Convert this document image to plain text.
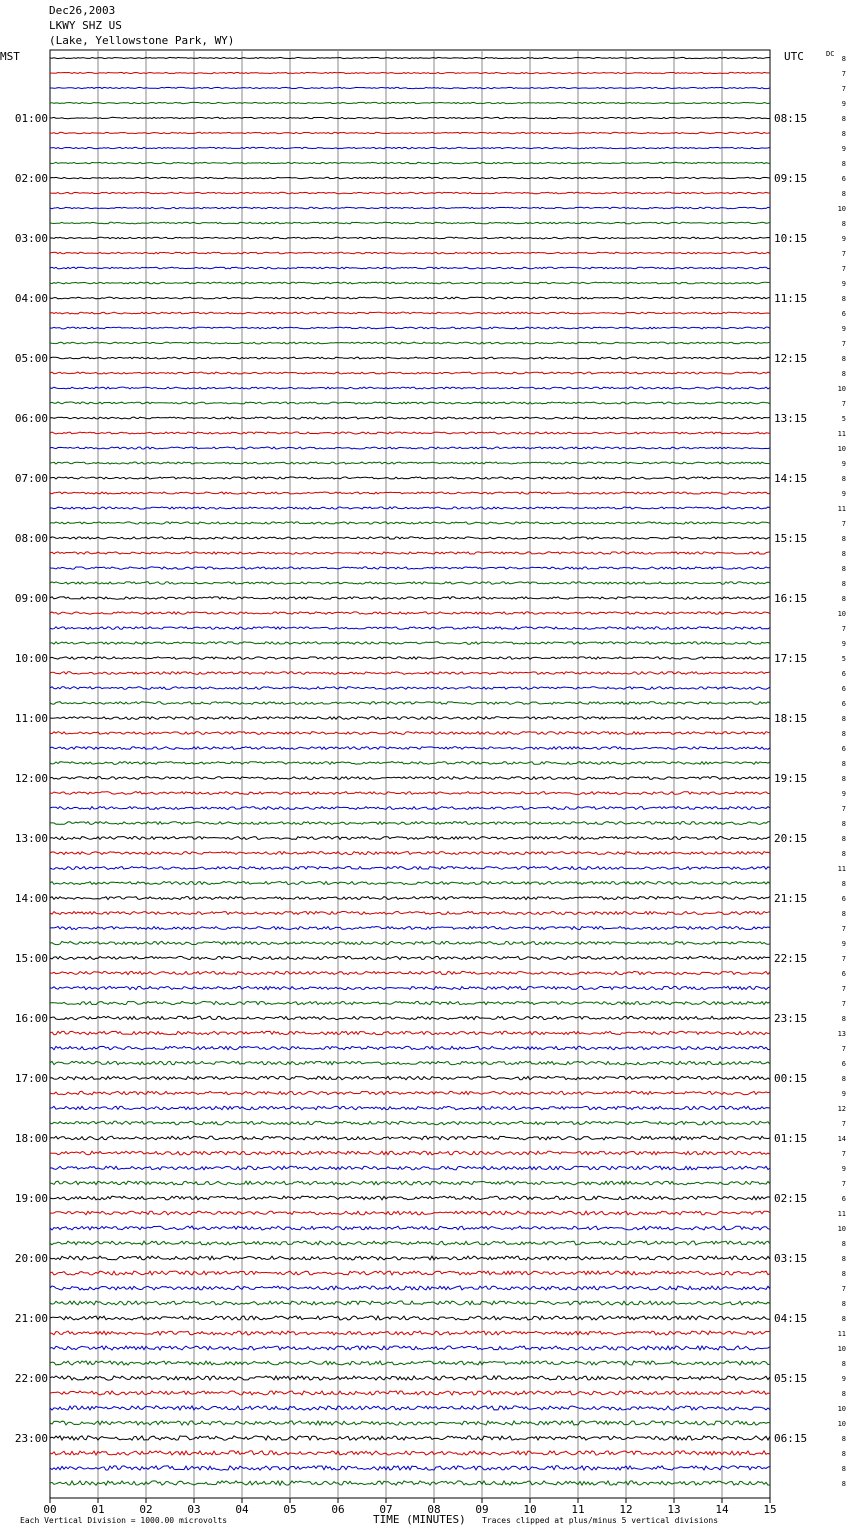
Dec26,2003
LKWY SHZ US
(Lake, Yellowstone Park, WY)
00	01	02	03	04	05	06	07	08	09	10	11	12	13	14	15
01:00
02:00
03:00
04:00
05:00
06:00
07:00
08:00
09:00
10:00
11:00
12:00
13:00
14:00
15:00
16:00
17:00
18:00
19:00
20:00
21:00
22:00
23:00
08:15
09:15
10:15
11:15
12:15
13:15
14:15
15:15
16:15
17:15
18:15
19:15
20:15
21:15
22:15
23:15
00:15
01:15
02:15
03:15
04:15
05:15
06:15
8
7
7
9
8
8
9
8
6
8
10
8
9
7
7
9
8
6
9
7
8
8
10
7
5
11
10
9
8
9
11
7
8
8
8
8
8
10
7
9
5
6
6
6
8
8
6
8
8
9
7
8
8
8
11
8
6
8
7
9
7
6
7
7
8
13
7
6
8
9
12
7
14
7
9
7
6
11
10
8
8
8
7
8
8
11
10
8
9
8
10
10
8
8
8
8
MST	UTC	DC
Each Vertical Division = 1000.00 microvolts	TIME (MINUTES) Traces clipped at plus/minus 5 vertical divisions
